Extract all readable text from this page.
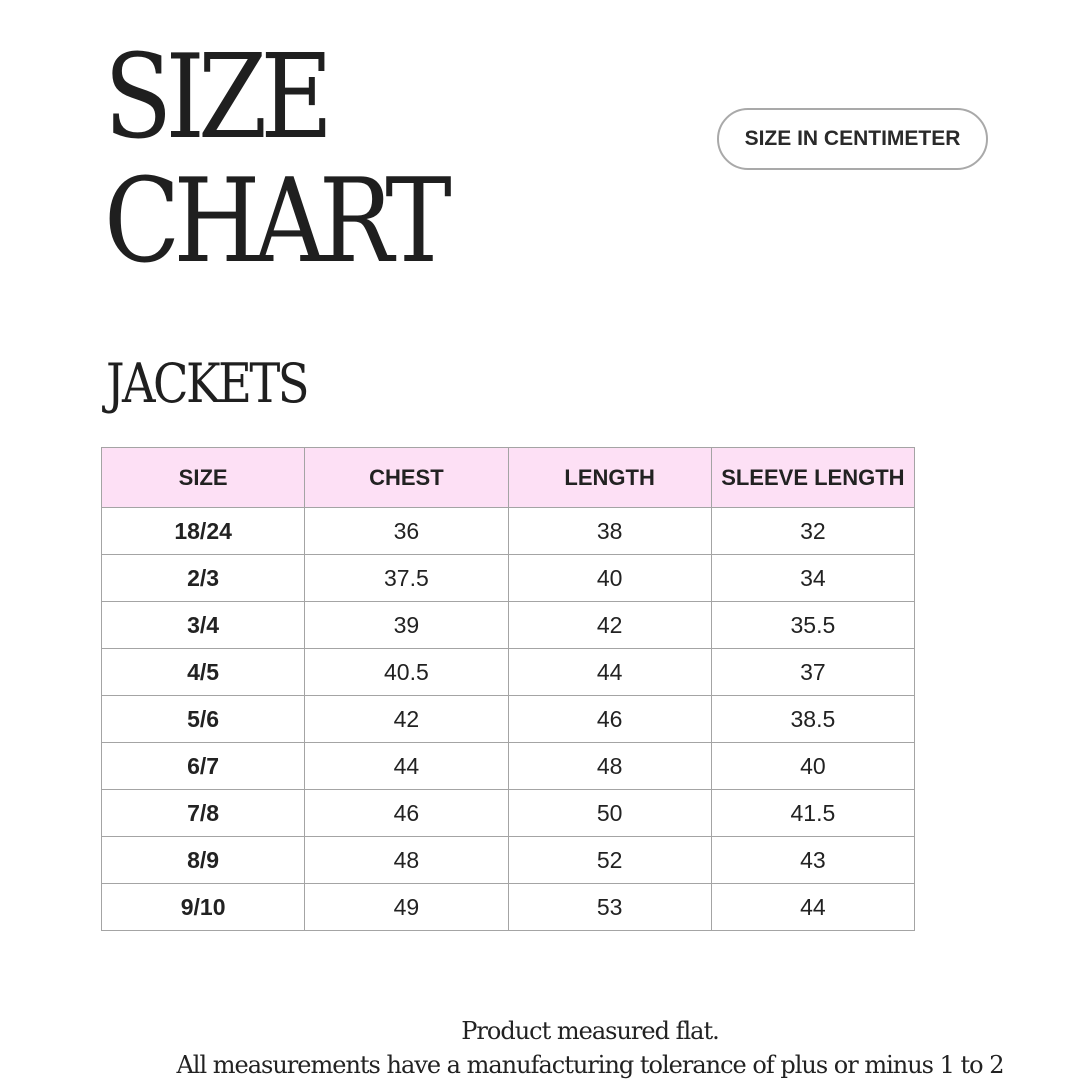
SIZE
CHART
SIZE IN CENTIMETER
JACKETS
SIZE	CHEST	LENGTH	SLEEVE LENGTH
18/24	36	38	32
2/3	37.5	40	34
3/4	39	42	35.5
4/5	40.5	44	37
5/6	42	46	38.5
6/7	44	48	40
7/8	46	50	41.5
8/9	48	52	43
9/10	49	53	44

Product measured flat.
All measurements have a manufacturing tolerance of plus or minus 1 to 2
